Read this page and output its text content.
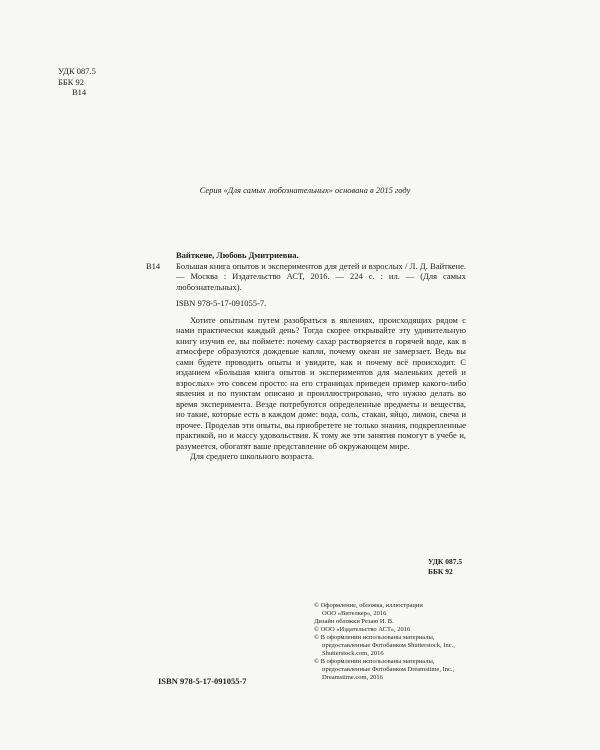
УДК 087.5
ББК 92
В14
Серия «Для самых любознательных» основана в 2015 году
Вайткене, Любовь Дмитриевна.
В14	Большая книга опытов и экспериментов для детей и взрослых / Л. Д. Вайткене. — Москва : Издательство АСТ, 2016. — 224 с. : ил. — (Для самых любознательных).
ISBN 978-5-17-091055-7.

Хотите опытным путем разобраться в явлениях, происходящих рядом с нами практически каждый день? Тогда скорее открывайте эту удивительную книгу изучив ее, вы поймете: почему сахар растворяется в горячей воде, как в атмосфере образуются дождевые капли, почему океан не замерзает. Ведь вы сами будете проводить опыты и увидите, как и почему всё происходит. С изданием «Большая книга опытов и экспериментов для маленьких детей и взрослых» это совсем просто: на его страницах приведен пример какого-либо явления и по пунктам описано и проиллюстрировано, что нужно делать во время эксперимента. Везде потребуются определенные предметы и вещества, но такие, которые есть в каждом доме: вода, соль, стакан, яйцо, лимон, свеча и прочее. Проделав эти опыты, вы приобретете не только знания, подкрепленные практикой, но и массу удовольствия. К тому же эти занятия помогут в учебе и, разумеется, обогатят ваше представление об окружающем мире.

Для среднего школьного возраста.

УДК 087.5
ББК 92
© Оформление, обложка, иллюстрации
ООО «Вителкер», 2016
Дизайн обложки Резаю И. В.
© ООО «Издательство АСТ», 2016
© В оформлении использованы материалы,
предоставленные Фотобанком Shutterstock, Inc.,
Shutterstock.com, 2016
© В оформлении использованы материалы,
предоставленные Фотобанком Dreamstime, Inc.,
Dreamstime.com, 2016
ISBN 978-5-17-091055-7
